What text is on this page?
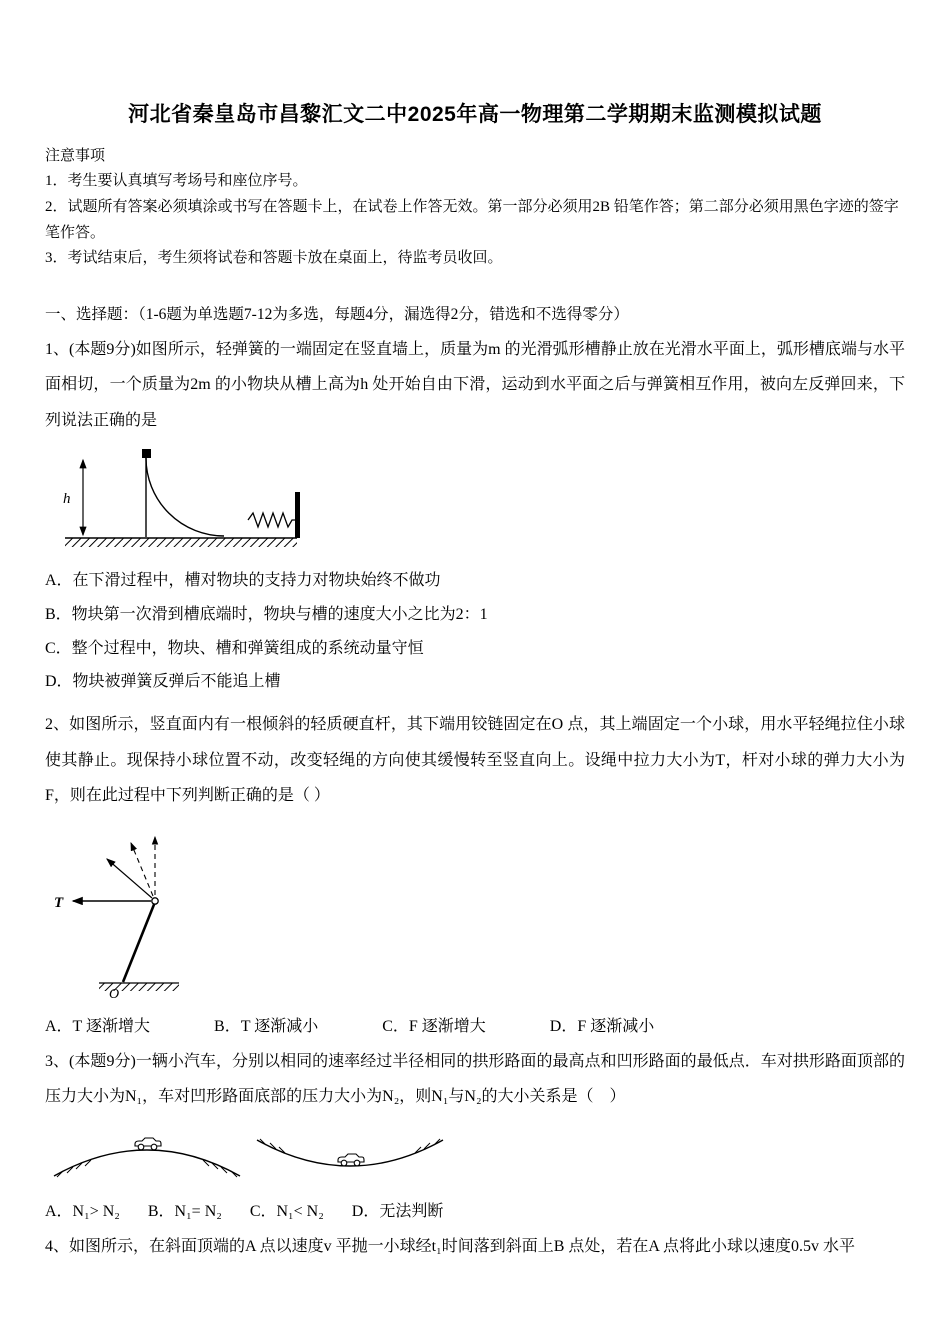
河北省秦皇岛市昌黎汇文二中2025年高一物理第二学期期末监测模拟试题
注意事项

1．考生要认真填写考场号和座位序号。

2．试题所有答案必须填涂或书写在答题卡上，在试卷上作答无效。第一部分必须用2B 铅笔作答；第二部分必须用黑色字迹的签字笔作答。

3．考试结束后，考生须将试卷和答题卡放在桌面上，待监考员收回。

一、选择题：（1-6题为单选题7-12为多选，每题4分，漏选得2分，错选和不选得零分）

1、(本题9分)如图所示，轻弹簧的一端固定在竖直墙上，质量为m 的光滑弧形槽静止放在光滑水平面上，弧形槽底端与水平面相切，一个质量为2m 的小物块从槽上高为h 处开始自由下滑，运动到水平面之后与弹簧相互作用，被向左反弹回来，下列说法正确的是

h
A．在下滑过程中，槽对物块的支持力对物块始终不做功
B．物块第一次滑到槽底端时，物块与槽的速度大小之比为2：1
C．整个过程中，物块、槽和弹簧组成的系统动量守恒
D．物块被弹簧反弹后不能追上槽

2、如图所示，竖直面内有一根倾斜的轻质硬直杆，其下端用铰链固定在O 点，其上端固定一个小球，用水平轻绳拉住小球使其静止。现保持小球位置不动，改变轻绳的方向使其缓慢转至竖直向上。设绳中拉力大小为T，杆对小球的弹力大小为F，则在此过程中下列判断正确的是（ ）

O
T
A．T 逐渐增大	B．T 逐渐减小	C．F 逐渐增大	D．F 逐渐减小

3、(本题9分)一辆小汽车，分别以相同的速率经过半径相同的拱形路面的最高点和凹形路面的最低点．车对拱形路面顶部的压力大小为N₁，车对凹形路面底部的压力大小为N₂，则N₁与N₂的大小关系是（　）

A．N₁> N₂ B．N₁= N₂ C．N₁< N₂ D．无法判断

4、如图所示，在斜面顶端的A 点以速度v 平抛一小球经t₁时间落到斜面上B 点处，若在A 点将此小球以速度0.5v 水平
